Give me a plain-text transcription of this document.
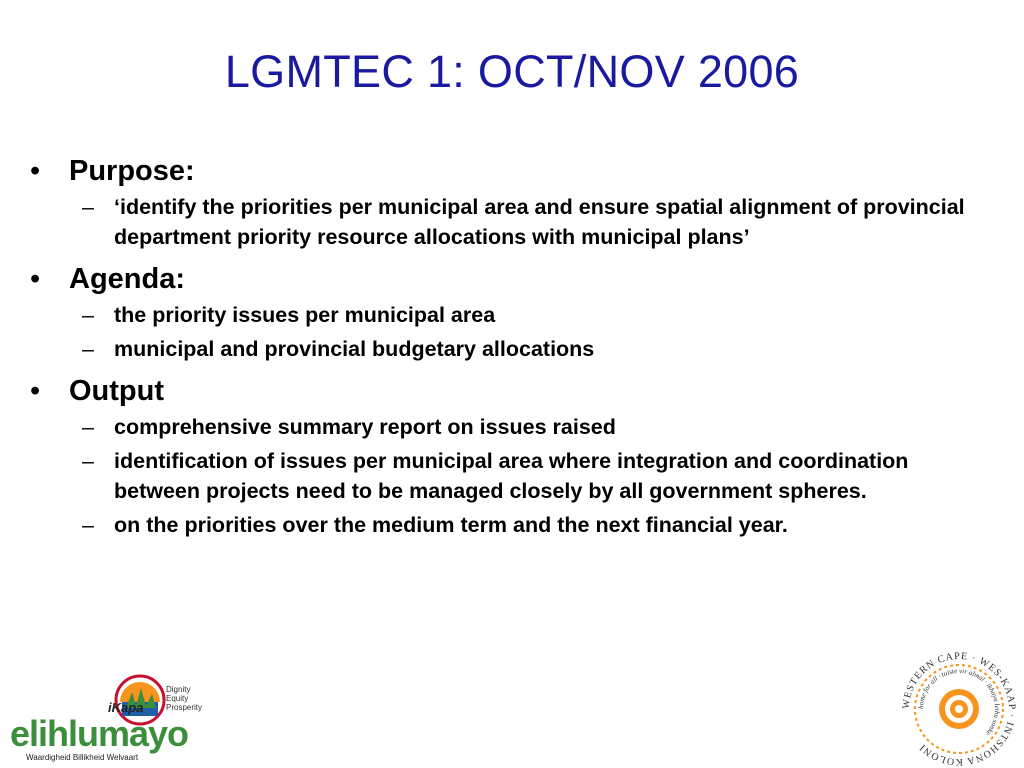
LGMTEC 1: OCT/NOV 2006
• Purpose:
– ‘identify the priorities per municipal area and ensure spatial alignment of provincial department priority resource allocations with municipal plans’
• Agenda:
– the priority issues per municipal area
– municipal and provincial budgetary allocations
• Output
– comprehensive summary report on issues raised
– identification of issues per municipal area where integration and coordination between projects need to be managed closely by all government spheres.
– on the priorities over the medium term and the next financial year.
iKapa
Dignity
Equity
Prosperity
elihlumayo
Waardigheid Billikheid Welvaart
WESTERN CAPE · WES-KAAP · INTSHONA KOLONI
home for all · tuiste vir almal · ikhaya lethu sonke
